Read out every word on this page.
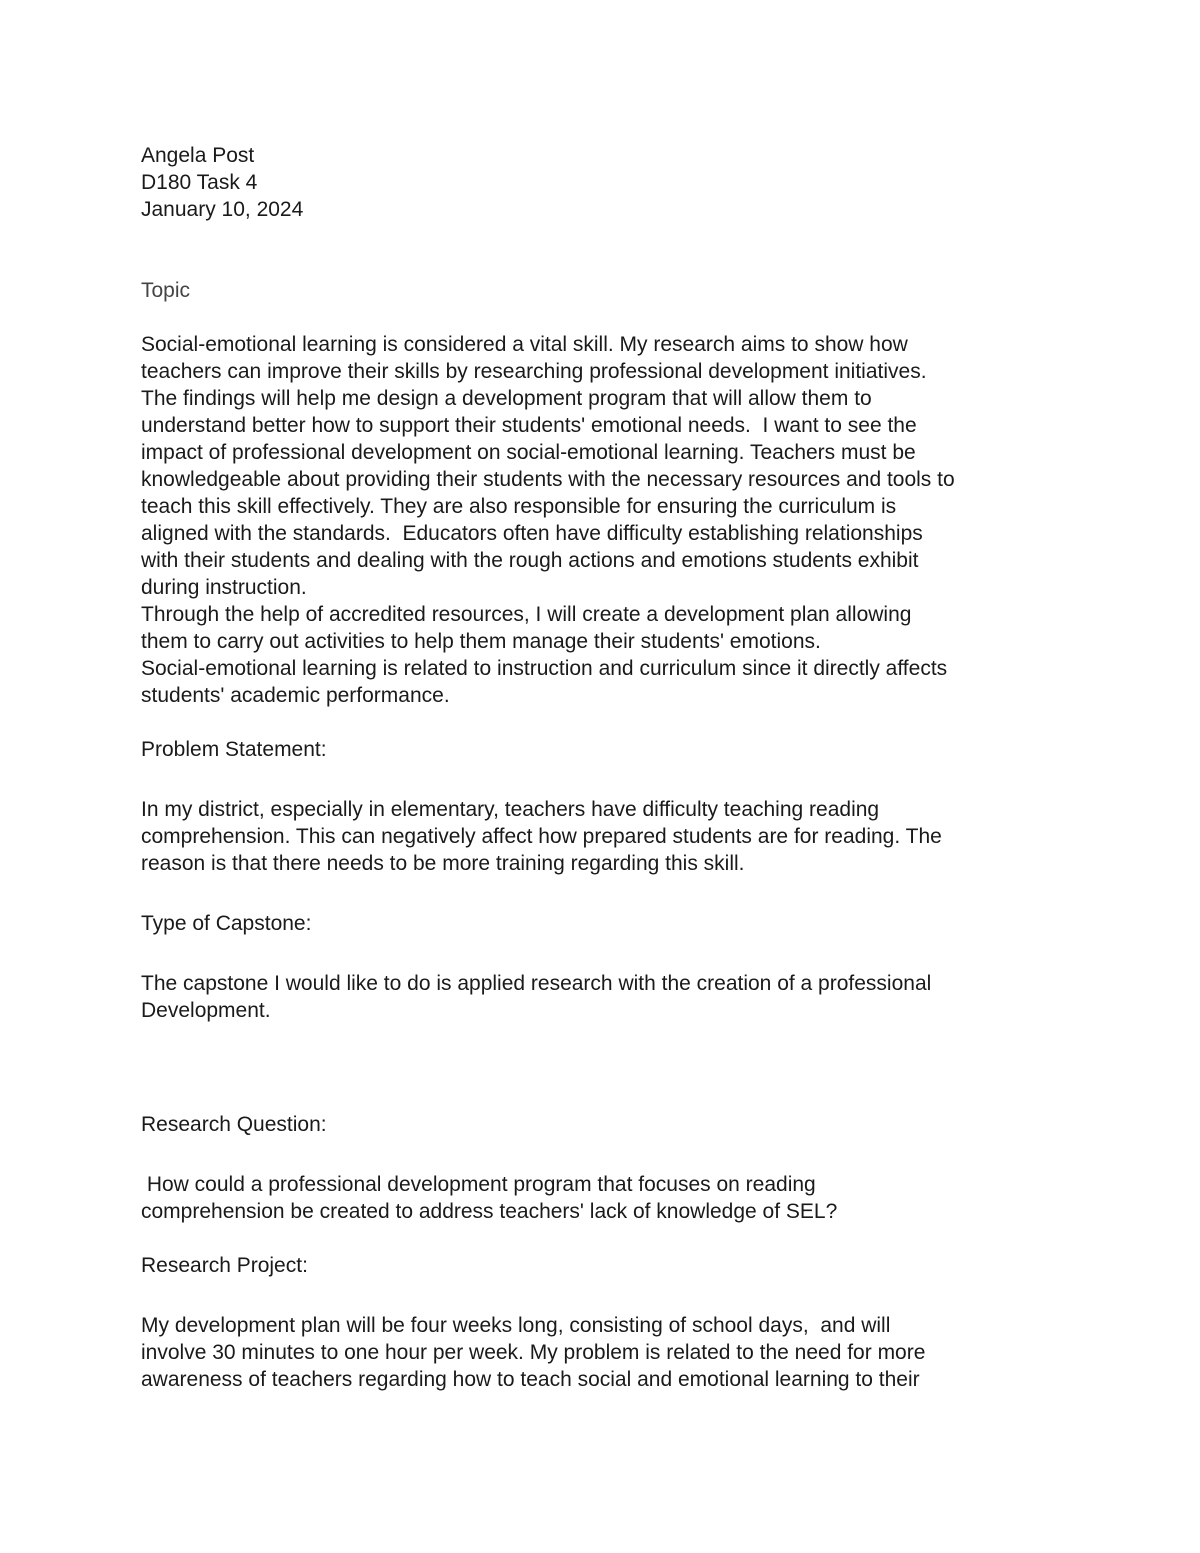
Angela Post
D180 Task 4
January 10, 2024
Topic
Social-emotional learning is considered a vital skill. My research aims to show how
teachers can improve their skills by researching professional development initiatives.
The findings will help me design a development program that will allow them to
understand better how to support their students' emotional needs.  I want to see the
impact of professional development on social-emotional learning. Teachers must be
knowledgeable about providing their students with the necessary resources and tools to
teach this skill effectively. They are also responsible for ensuring the curriculum is
aligned with the standards.  Educators often have difficulty establishing relationships
with their students and dealing with the rough actions and emotions students exhibit
during instruction.
Through the help of accredited resources, I will create a development plan allowing
them to carry out activities to help them manage their students' emotions.
Social-emotional learning is related to instruction and curriculum since it directly affects
students' academic performance.
Problem Statement:
In my district, especially in elementary, teachers have difficulty teaching reading
comprehension. This can negatively affect how prepared students are for reading. The
reason is that there needs to be more training regarding this skill.
Type of Capstone:
The capstone I would like to do is applied research with the creation of a professional
Development.
Research Question:
How could a professional development program that focuses on reading
comprehension be created to address teachers' lack of knowledge of SEL?
Research Project:
My development plan will be four weeks long, consisting of school days,  and will
involve 30 minutes to one hour per week. My problem is related to the need for more
awareness of teachers regarding how to teach social and emotional learning to their
